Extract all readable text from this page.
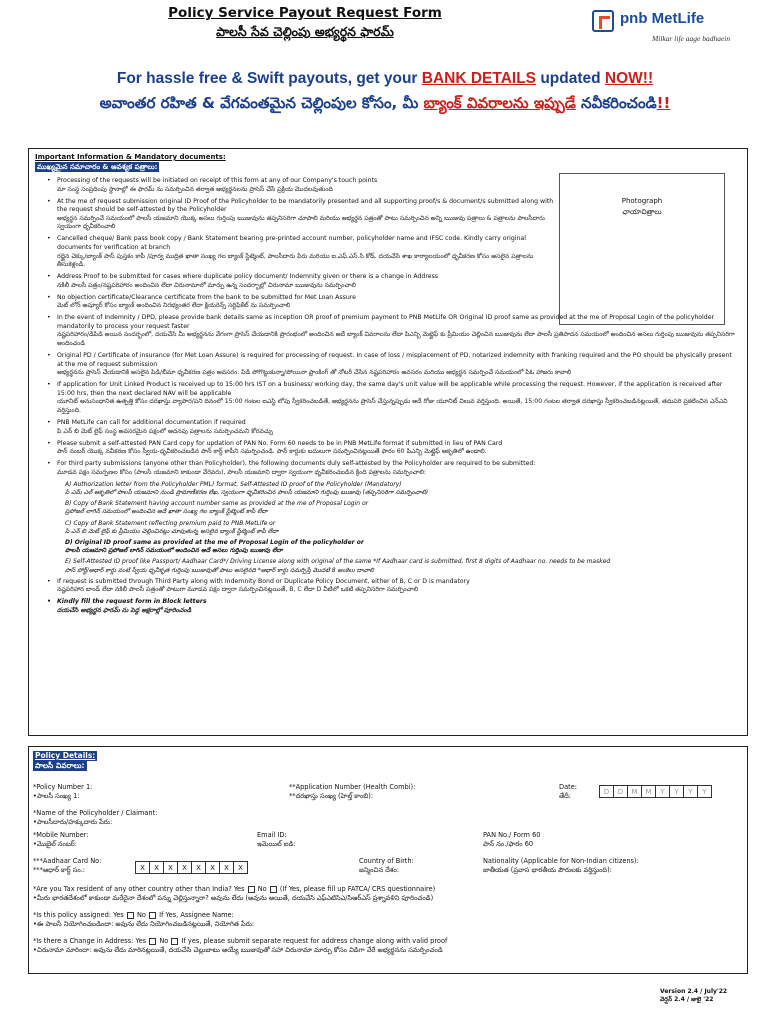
Policy Service Payout Request Form
పాలసీ సేవ చెల్లింపు అభ్యర్థన ఫారమ్
pnb MetLife
Milkar life aage badhaein
For hassle free & Swift payouts, get your BANK DETAILS updated NOW!!
అవాంతర రహిత & వేగవంతమైన చెల్లింపుల కోసం, మీ బ్యాంక్ వివరాలను ఇప్పుడే నవీకరించండి!!
Important Information & Mandatory documents:
ముఖ్యమైన సమాచారం & అవశ్యక పత్రాలు:
Photograph
ఛాయాచిత్రాలు
• Processing of the requests will be initiated on receipt of this form at any of our Company's touch points
మా సంస్థ సంప్రదింపు స్థానాల్లో ఈ ఫారమ్ ను సమర్పించిన తర్వాత అభ్యర్థనలను ప్రాసెస్ చేసే ప్రక్రియ మొదలవుతుంది
• At the me of request submission original ID Proof of the Policyholder to be mandatorily presented and all supporting proof/s & document/s submitted along with the request should be self-attested by the Policyholder
అభ్యర్థన సమర్పించే సమయంలో పాలసీ యజమాని యొక్క అసలు గుర్తింపు ఋజువును తప్పనిసరిగా చూపాలి మరియు అభ్యర్థన పత్రంతో పాటు సమర్పించిన అన్ని ఋజువు పత్రాలు & పత్రాలను పాలసీదారు స్వయంగా ధృవీకరించాలి
• Cancelled cheque/ Bank pass book copy / Bank Statement bearing pre-printed account number, policyholder name and IFSC code. Kindly carry original documents for verification at branch
రద్దైన చెక్కు/బ్యాంక్ పాస్ పుస్తకం కాపీ /పూర్వ ముద్రిత ఖాతా సంఖ్య గల బ్యాంక్ స్టేట్మెంట్, పాలసీదారు పేరు మరియు ఐ.ఎఫ్.ఎస్.సి కోడ్. దయచేసి శాఖ కార్యాలయంలో ధృవీకరణ కోసం అసలైన పత్రాలను తీసుకెళ్లండి.
• Address Proof to be submitted for cases where duplicate policy document/ Indemnity given or there is a change in Address
నకిలీ పాలసీ పత్రం/నష్టపరిహారం అందించిన లేదా చిరునామాలో మార్పు ఉన్న సందర్భాల్లో చిరునామా ఋజువును సమర్పించాలి
• No objection certificate/Clearance certificate from the bank to be submitted for Met Loan Assure
మెట్ లోన్ అష్యూర్ కోసం బ్యాంక్ అందించిన నిరభ్యంతర లేదా క్లియరెన్స్ సర్టిఫికేట్ ను సమర్పించాలి
• In the event of Indemnity / DPD, please provide bank details same as inception OR proof of premium payment to PNB MetLife OR Original ID proof same as provided at the me of Proposal Login of the policyholder mandatorily to process your request faster
నష్టపరిహారం/డిపిడి అయిన సందర్భంలో, దయచేసి మీ అభ్యర్థనను వేగంగా ప్రాసెస్ చేయడానికి ప్రారంభంలో అందించిన అదే బ్యాంక్ వివరాలను లేదా పిఎన్బి మెట్లైఫ్ కు ప్రీమియం చెల్లించిన ఋజువును లేదా పాలసీ ప్రతిపాదన సమయంలో అందించిన అసలు గుర్తింపు ఋజువును తప్పనిసరిగా అందించండి
• Original PD / Certificate of insurance (for Met Loan Assure) is required for processing of request. In case of loss / misplacement of PD, notarized indemnity with franking required and the PO should be physically present at the me of request submission
అభ్యర్థనను ప్రాసెస్ చేయడానికి అసలైన పిడి/బీమా ధృవీకరణ పత్రం అవసరం. పిడి పోగొట్టుకున్నా/పోయినా ఫ్రాంకింగ్ తో నోటరీ చేసిన నష్టపరిహారం అవసరం మరియు అభ్యర్థన సమర్పించే సమయంలో పిఓ హాజరు కావాలి
• If application for Unit Linked Product is received up to 15:00 hrs IST on a business/ working day, the same day's unit value will be applicable while processing the request. However, if the application is received after 15:00 hrs, then the next declared NAV will be applicable
యూనిట్ అనుసంధానిత ఉత్పత్తి కోసం దరఖాస్తు వ్యాపార/పని దినంలో 15:00 గంటల ఐఎస్టి లోపు స్వీకరించబడితే, అభ్యర్థనను ప్రాసెస్ చేస్తున్నప్పుడు అదే రోజు యూనిట్ విలువ వర్తిస్తుంది. అయితే, 15:00 గంటల తర్వాత దరఖాస్తు స్వీకరించబడినట్లయితే, తదుపరి ప్రకటించిన ఎన్ఎవి వర్తిస్తుంది.
• PNB MetLife can call for additional documentation if required
పి ఎన్ బి మెట్ లైఫ్ సంస్థ అవసరమైన పక్షంలో అదనపు పత్రాలను సమర్పించమని కోరవచ్చు
• Please submit a self-attested PAN Card copy for updation of PAN No. Form 60 needs to be in PNB MetLife format if submitted in lieu of PAN Card
పాన్ నంబర్ యొక్క నవీకరణ కోసం స్వీయ-ధృవీకరించబడిన పాన్ కార్డ్ కాపీని సమర్పించండి. పాన్ కార్డుకు బదులుగా సమర్పించినట్లయితే ఫారం 60 పిఎన్బి మెట్లైఫ్ ఆకృతిలో ఉండాలి.
• For third party submissions (anyone other than Policyholder), the following documents duly self-attested by the Policyholder are required to be submitted:
మూడవ పక్షం సమర్పణల కోసం (పాలసీ యజమాని కాకుండా వేరెవరు), పాలసీ యజమాని ద్వారా స్వయంగా ధృవీకరించబడిన క్రింది పత్రాలను సమర్పించాలి:
A) Authorization letter from the Policyholder PML) format, Self-Attested ID proof of the Policyholder (Mandatory)
పి ఎమ్ ఎల్ ఆకృతిలో పాలసీ యజమాని నుండి ప్రామాణీకరణ లేఖ, స్వయంగా ధృవీకరించిన పాలసీ యజమాని గుర్తింపు ఋజువు (తప్పనిసరిగా సమర్పించాలి)
B) Copy of Bank Statement having account number same as provided at the me of Proposal Login or
ప్రపోజల్ లాగిన్ సమయంలో అందించిన అదే ఖాతా సంఖ్య గల బ్యాంక్ స్టేట్మెంట్ కాపీ లేదా
C) Copy of Bank Statement reflecting premium paid to PNB MetLife or
పి ఎన్ బి మెట్ లైఫ్ కు ప్రీమియం చెల్లించినట్లు చూపుతున్న అసలైన బ్యాంక్ స్టేట్మెంట్ కాపీ లేదా
D) Original ID proof same as provided at the me of Proposal Login of the policyholder or
పాలసీ యజమాని ప్రపోజల్ లాగిన్ సమయంలో అందించిన అదే అసలు గుర్తింపు ఋజువు లేదా
E) Self-Attested ID proof like Passport/ Aadhaar Card*/ Driving License along with original of the same *If Aadhaar card is submitted, first 8 digits of Aadhaar no. needs to be masked
పాస్ పోర్ట్/ఆధార్ కార్డు వంటి స్వీయ ధృవీకృత గుర్తింపు ఋజువుతో పాటు అసలైనది *ఆధార్ కార్డు సమర్పిస్తే మొదటి 8 అంకెలు దాచాలి
• If request is submitted through Third Party along with Indemnity Bond or Duplicate Policy Document, either of B, C or D is mandatory
నష్టపరిహార బాండ్ లేదా నకిలీ పాలసీ పత్రంతో పాటుగా మూడవ పక్షం ద్వారా సమర్పించినట్లయితే, B, C లేదా D వీటిలో ఒకటి తప్పనిసరిగా సమర్పించాలి
• Kindly fill the request form in Block letters
దయచేసి అభ్యర్థన ఫారమ్ ను పెద్ద అక్షరాల్లో పూరించండి
Policy Details:
పాలసీ వివరాలు:
*Policy Number 1:
•పాలసీ సంఖ్య 1:
**Application Number (Health Combi):
**దరఖాస్తు సంఖ్య (హెల్త్ కాంబి):
Date:
తేదీ:	D	D	M	M	Y	Y	Y	Y
*Name of the Policyholder / Claimant:
•పాలసీదారు/హక్కుదారు పేరు:
*Mobile Number:
•మొబైల్ నంబర్:
Email ID:
ఇమెయిల్ ఐడి:
PAN No./ Form 60
పాన్ నం./ఫారం 60
***Aadhaar Card No:
***ఆధార్ కార్డ్ సం.:	X	X	X	X	X	X	X	X
Country of Birth:
జన్మించిన దేశం:
Nationality (Applicable for Non-Indian citizens):
జాతీయత (ప్రవాస భారతీయ పౌరులకు వర్తిస్తుంది):
*Are you Tax resident of any other country other than India? Yes No (If Yes, please fill up FATCA/ CRS questionnaire)
•మీరు భారతదేశంలో కాకుండా మరేదైనా దేశంలో పన్ను చెల్లిస్తున్నారా? అవును లేదు (అవును అయితే, దయచేసి ఎఫ్ఎటిసిఎ/సిఆర్ఎస్ ప్రశ్నావళిని పూరించండి)
*Is this policy assigned: Yes No If Yes, Assignee Name:
•ఈ పాలసీ నియోగించబడిందా: అవును లేదు నియోగించబడినట్లయితే, నియోగిత పేరు:
*Is there a Change in Address: Yes No If yes, please submit separate request for address change along with valid proof
•చిరునామా మారిందా: అవును లేదు మారినట్లయితే, దయచేసి చెల్లుబాటు అయ్యే ఋజువుతో సహా చిరునామా మార్పు కోసం విడిగా వేరే అభ్యర్థనను సమర్పించండి
Version 2.4 / July'22
వెర్షన్ 2.4 / జులై '22
